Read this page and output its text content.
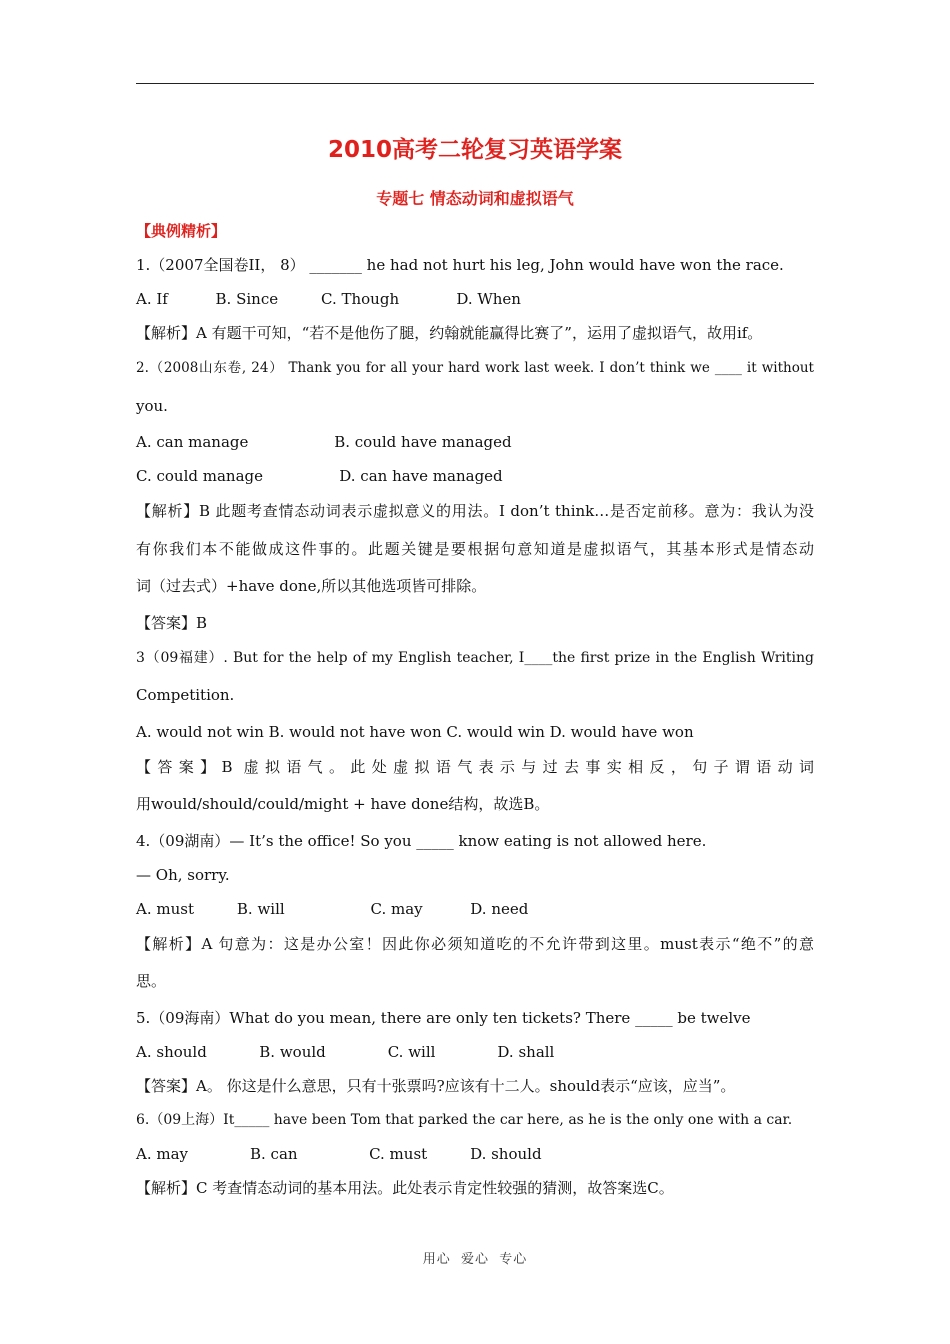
2010高考二轮复习英语学案
专题七 情态动词和虚拟语气
【典例精析】
1.（2007全国卷II， 8） _______ he had not hurt his leg, John would have won the race.
A. If          B. Since         C. Though            D. When
【解析】A 有题干可知，“若不是他伤了腿，约翰就能赢得比赛了”，运用了虚拟语气，故用if。
2.（2008山东卷, 24） Thank you for all your hard work last week. I don’t think we ____ it without
you.
A. can manage                  B. could have managed
C. could manage                D. can have managed
【解析】B 此题考查情态动词表示虚拟意义的用法。I don’t think…是否定前移。意为：我认为没
有你我们本不能做成这件事的。此题关键是要根据句意知道是虚拟语气，其基本形式是情态动
词（过去式）+have done,所以其他选项皆可排除。
【答案】B
3（09福建）. But for the help of my English teacher, I____the first prize in the English Writing
Competition.
A. would not win B. would not have won C. would win D. would have won
【答案】B 虚拟语气。此处虚拟语气表示与过去事实相反，句子谓语动词
用would/should/could/might + have done结构，故选B。
4.（09湖南）— It’s the office! So you _____ know eating is not allowed here.
— Oh, sorry.
A. must         B. will                  C. may          D. need
【解析】A 句意为：这是办公室！因此你必须知道吃的不允许带到这里。must表示“绝不”的意
思。
5.（09海南）What do you mean, there are only ten tickets? There _____ be twelve
A. should           B. would             C. will             D. shall
【答案】A。 你这是什么意思，只有十张票吗?应该有十二人。should表示“应该，应当”。
6.（09上海）It_____ have been Tom that parked the car here, as he is the only one with a car.
A. may             B. can               C. must         D. should
【解析】C 考查情态动词的基本用法。此处表示肯定性较强的猜测，故答案选C。
用心  爱心  专心
